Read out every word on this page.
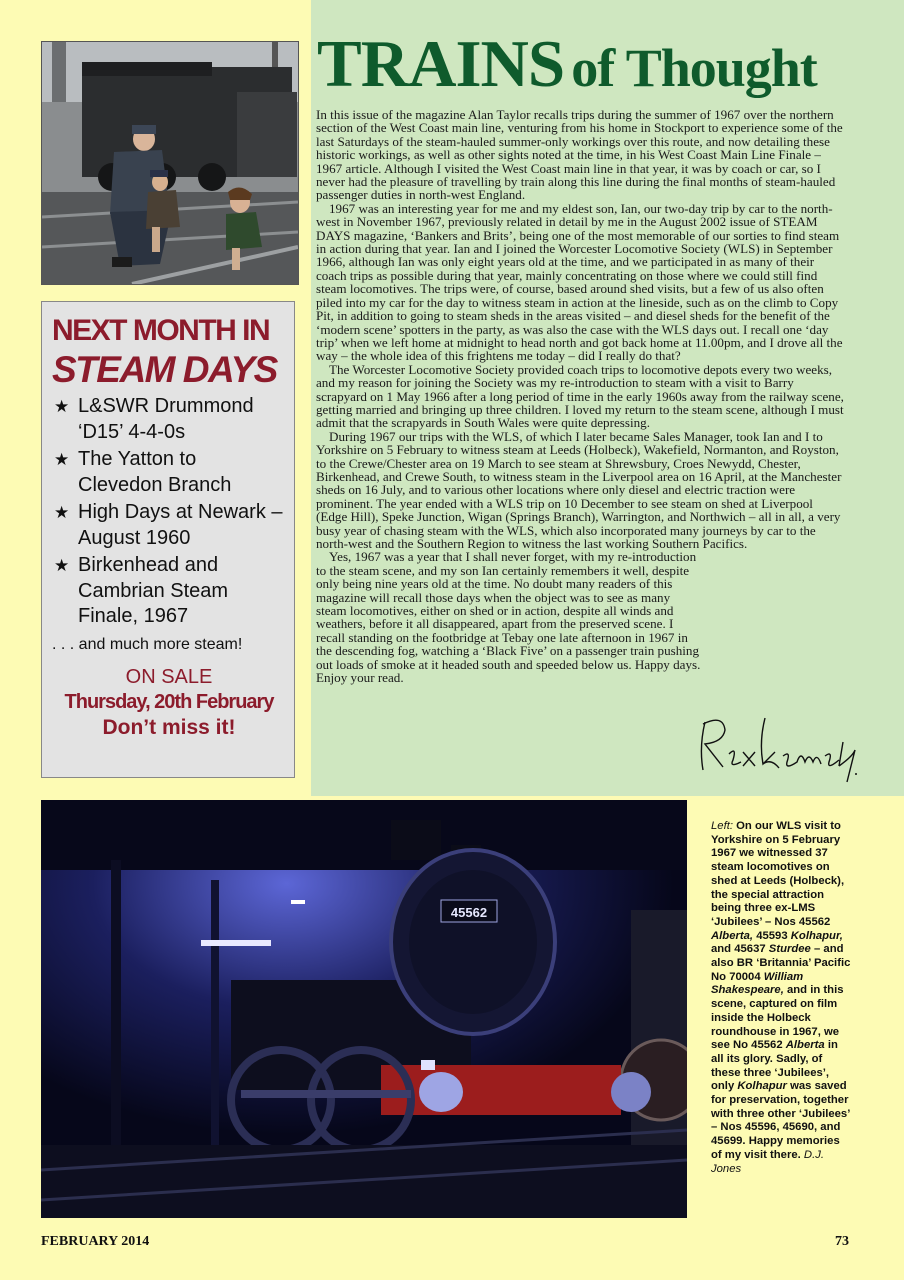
NEXT MONTH IN
STEAM DAYS
★ L&SWR Drummond ‘D15’ 4-4-0s
★ The Yatton to Clevedon Branch
★ High Days at Newark – August 1960
★ Birkenhead and Cambrian Steam Finale, 1967
. . . and much more steam!
ON SALE
Thursday, 20th February
Don’t miss it!
TRAINS of Thought

In this issue of the magazine Alan Taylor recalls trips during the summer of 1967 over the northern section of the West Coast main line, venturing from his home in Stockport to experience some of the last Saturdays of the steam-hauled summer-only workings over this route, and now detailing these historic workings, as well as other sights noted at the time, in his West Coast Main Line Finale – 1967 article. Although I visited the West Coast main line in that year, it was by coach or car, so I never had the pleasure of travelling by train along this line during the final months of steam-hauled passenger duties in north-west England.

1967 was an interesting year for me and my eldest son, Ian, our two-day trip by car to the north-west in November 1967, previously related in detail by me in the August 2002 issue of STEAM DAYS magazine, ‘Bankers and Brits’, being one of the most memorable of our sorties to find steam in action during that year. Ian and I joined the Worcester Locomotive Society (WLS) in September 1966, although Ian was only eight years old at the time, and we participated in as many of their coach trips as possible during that year, mainly concentrating on those where we could still find steam locomotives. The trips were, of course, based around shed visits, but a few of us also often piled into my car for the day to witness steam in action at the lineside, such as on the climb to Copy Pit, in addition to going to steam sheds in the areas visited – and diesel sheds for the benefit of the ‘modern scene’ spotters in the party, as was also the case with the WLS days out. I recall one ‘day trip’ when we left home at midnight to head north and got back home at 11.00pm, and I drove all the way – the whole idea of this frightens me today – did I really do that?

The Worcester Locomotive Society provided coach trips to locomotive depots every two weeks, and my reason for joining the Society was my re-introduction to steam with a visit to Barry scrapyard on 1 May 1966 after a long period of time in the early 1960s away from the railway scene, getting married and bringing up three children. I loved my return to the steam scene, although I must admit that the scrapyards in South Wales were quite depressing.

During 1967 our trips with the WLS, of which I later became Sales Manager, took Ian and I to Yorkshire on 5 February to witness steam at Leeds (Holbeck), Wakefield, Normanton, and Royston, to the Crewe/Chester area on 19 March to see steam at Shrewsbury, Croes Newydd, Chester, Birkenhead, and Crewe South, to witness steam in the Liverpool area on 16 April, at the Manchester sheds on 16 July, and to various other locations where only diesel and electric traction were prominent. The year ended with a WLS trip on 10 December to see steam on shed at Liverpool (Edge Hill), Speke Junction, Wigan (Springs Branch), Warrington, and Northwich – all in all, a very busy year of chasing steam with the WLS, which also incorporated many journeys by car to the north-west and the Southern Region to witness the last working Southern Pacifics.

Yes, 1967 was a year that I shall never forget, with my re-introduction to the steam scene, and my son Ian certainly remembers it well, despite only being nine years old at the time. No doubt many readers of this magazine will recall those days when the object was to see as many steam locomotives, either on shed or in action, despite all winds and weathers, before it all disappeared, apart from the preserved scene. I recall standing on the footbridge at Tebay one late afternoon in 1967 in the descending fog, watching a ‘Black Five’ on a passenger train pushing out loads of smoke at it headed south and speeded below us. Happy days. Enjoy your read.

45562
Left: On our WLS visit to Yorkshire on 5 February 1967 we witnessed 37 steam locomotives on shed at Leeds (Holbeck), the special attraction being three ex-LMS ‘Jubilees’ – Nos 45562 Alberta, 45593 Kolhapur, and 45637 Sturdee – and also BR ‘Britannia’ Pacific No 70004 William Shakespeare, and in this scene, captured on film inside the Holbeck roundhouse in 1967, we see No 45562 Alberta in all its glory. Sadly, of these three ‘Jubilees’, only Kolhapur was saved for preservation, together with three other ‘Jubilees’ – Nos 45596, 45690, and 45699. Happy memories of my visit there. D.J. Jones
FEBRUARY 2014	73
